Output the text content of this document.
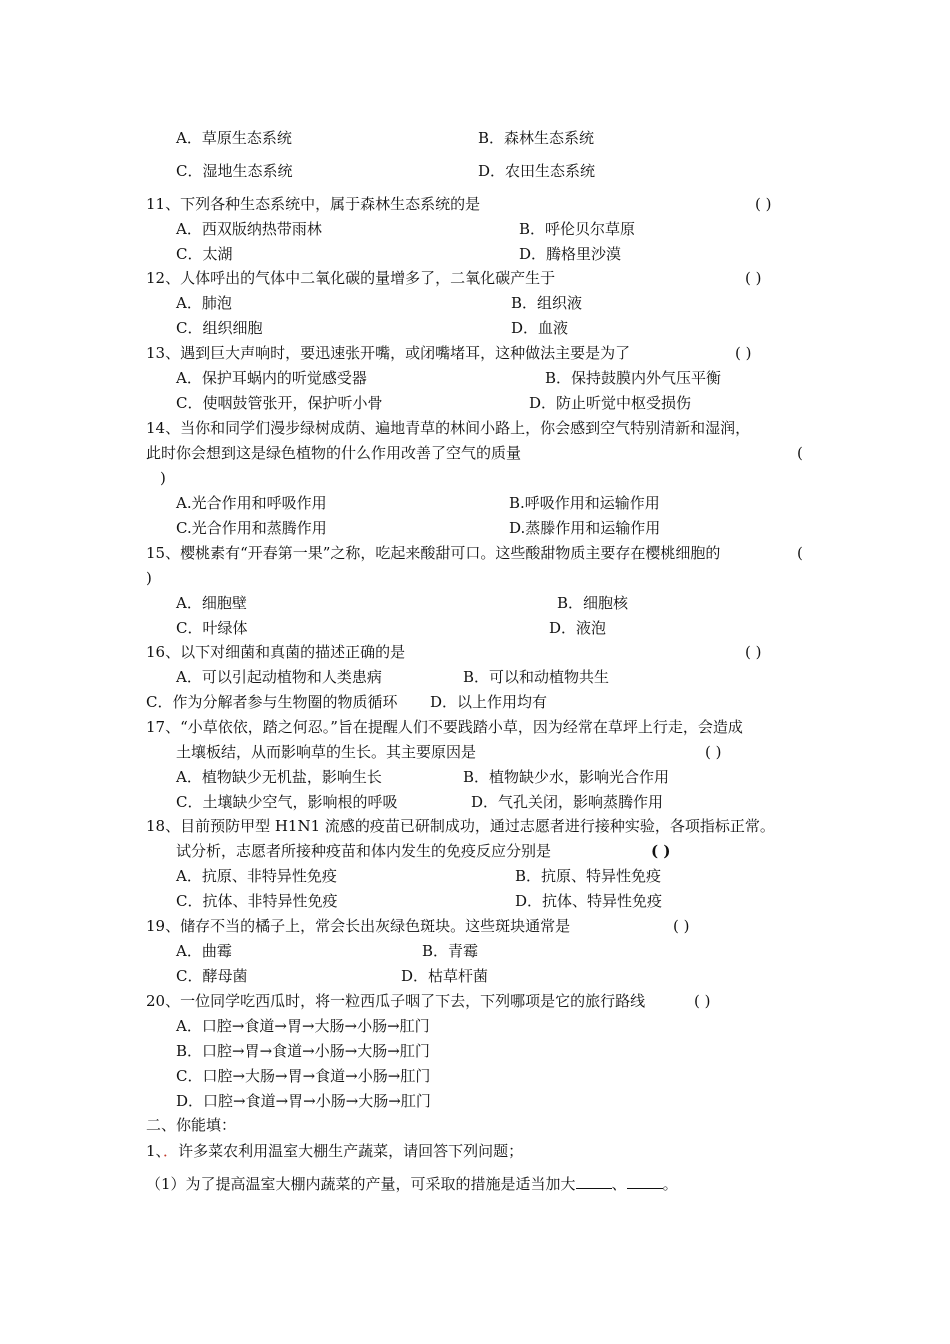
A．草原生态系统	B．森林生态系统
C．湿地生态系统	D．农田生态系统
11、下列各种生态系统中，属于森林生态系统的是	( )
A．西双版纳热带雨林	B．呼伦贝尔草原
C．太湖	D．腾格里沙漠
12、人体呼出的气体中二氧化碳的量增多了，二氧化碳产生于	( )
A．肺泡	B．组织液
C．组织细胞	D．血液
13、遇到巨大声响时，要迅速张开嘴，或闭嘴堵耳，这种做法主要是为了	( )
A．保护耳蜗内的听觉感受器	B．保持鼓膜内外气压平衡
C．使咽鼓管张开，保护听小骨	D．防止听觉中枢受损伤
14、当你和同学们漫步绿树成荫、遍地青草的林间小路上，你会感到空气特别清新和湿润，
此时你会想到这是绿色植物的什么作用改善了空气的质量	(
)
A.光合作用和呼吸作用	B.呼吸作用和运输作用
C.光合作用和蒸腾作用	D.蒸滕作用和运输作用
15、樱桃素有“开春第一果”之称，吃起来酸甜可口。这些酸甜物质主要存在樱桃细胞的	(
)
A．细胞壁	B．细胞核
C．叶绿体	D．液泡
16、以下对细菌和真菌的描述正确的是	( )
A．可以引起动植物和人类患病	B．可以和动植物共生
C．作为分解者参与生物圈的物质循环 D．以上作用均有
17、“小草依依，踏之何忍。”旨在提醒人们不要践踏小草，因为经常在草坪上行走，会造成
土壤板结，从而影响草的生长。其主要原因是	( )
A．植物缺少无机盐，影响生长	B．植物缺少水，影响光合作用
C．土壤缺少空气，影响根的呼吸	D．气孔关闭，影响蒸腾作用
18、目前预防甲型 H1N1 流感的疫苗已研制成功，通过志愿者进行接种实验，各项指标正常。
试分析，志愿者所接种疫苗和体内发生的免疫反应分别是	( )
A．抗原、非特异性免疫	B．抗原、特异性免疫
C．抗体、非特异性免疫	D．抗体、特异性免疫
19、储存不当的橘子上，常会长出灰绿色斑块。这些斑块通常是	( )
A．曲霉	B．青霉
C．酵母菌	D．枯草杆菌
20、一位同学吃西瓜时，将一粒西瓜子咽了下去，下列哪项是它的旅行路线	( )
A．口腔→食道→胃→大肠→小肠→肛门
B．口腔→胃→食道→小肠→大肠→肛门
C．口腔→大肠→胃→食道→小肠→肛门
D．口腔→食道→胃→小肠→大肠→肛门
二、你能填：
1、．许多菜农利用温室大棚生产蔬菜，请回答下列问题；
（1）为了提高温室大棚内蔬菜的产量，可采取的措施是适当加大 、 。
